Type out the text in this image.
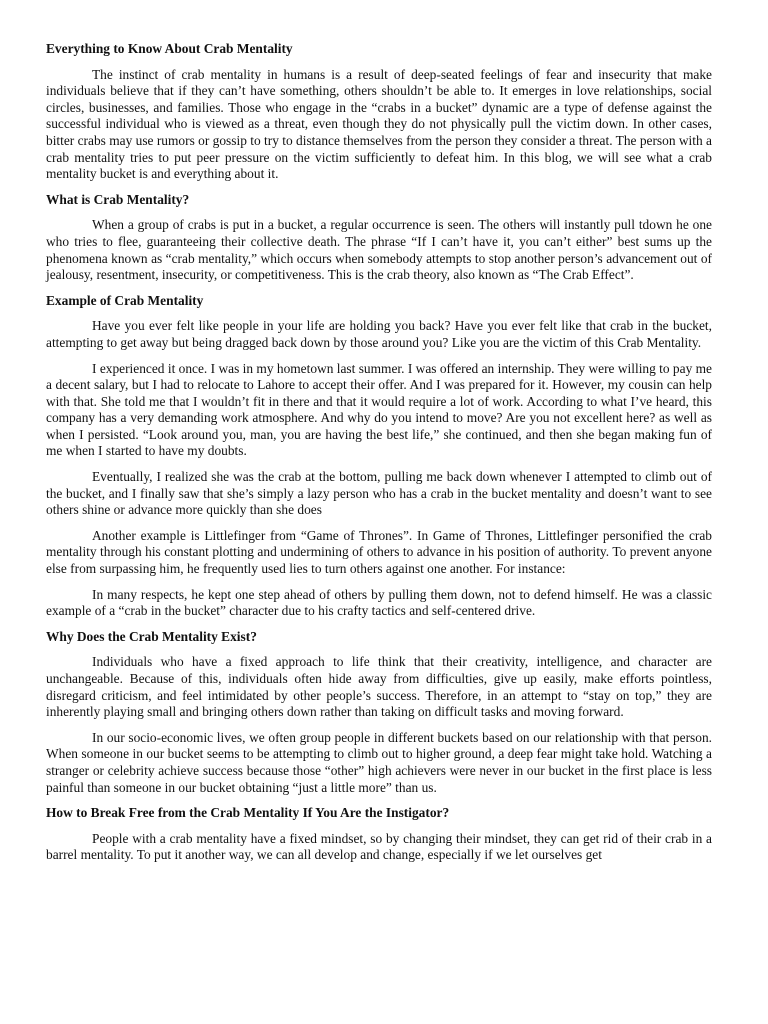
Everything to Know About Crab Mentality

The instinct of crab mentality in humans is a result of deep-seated feelings of fear and insecurity that make individuals believe that if they can’t have something, others shouldn’t be able to. It emerges in love relationships, social circles, businesses, and families. Those who engage in the “crabs in a bucket” dynamic are a type of defense against the successful individual who is viewed as a threat, even though they do not physically pull the victim down. In other cases, bitter crabs may use rumors or gossip to try to distance themselves from the person they consider a threat. The person with a crab mentality tries to put peer pressure on the victim sufficiently to defeat him. In this blog, we will see what a crab mentality bucket is and everything about it.

What is Crab Mentality?

When a group of crabs is put in a bucket, a regular occurrence is seen. The others will instantly pull tdown he one who tries to flee, guaranteeing their collective death. The phrase “If I can’t have it, you can’t either” best sums up the phenomena known as “crab mentality,” which occurs when somebody attempts to stop another person’s advancement out of jealousy, resentment, insecurity, or competitiveness. This is the crab theory, also known as “The Crab Effect”.

Example of Crab Mentality

Have you ever felt like people in your life are holding you back? Have you ever felt like that crab in the bucket, attempting to get away but being dragged back down by those around you? Like you are the victim of this Crab Mentality.

I experienced it once. I was in my hometown last summer. I was offered an internship. They were willing to pay me a decent salary, but I had to relocate to Lahore to accept their offer. And I was prepared for it. However, my cousin can help with that. She told me that I wouldn’t fit in there and that it would require a lot of work. According to what I’ve heard, this company has a very demanding work atmosphere. And why do you intend to move? Are you not excellent here? as well as when I persisted. “Look around you, man, you are having the best life,” she continued, and then she began making fun of me when I started to have my doubts.

Eventually, I realized she was the crab at the bottom, pulling me back down whenever I attempted to climb out of the bucket, and I finally saw that she’s simply a lazy person who has a crab in the bucket mentality and doesn’t want to see others shine or advance more quickly than she does

Another example is Littlefinger from “Game of Thrones”. In Game of Thrones, Littlefinger personified the crab mentality through his constant plotting and undermining of others to advance in his position of authority. To prevent anyone else from surpassing him, he frequently used lies to turn others against one another. For instance:

In many respects, he kept one step ahead of others by pulling them down, not to defend himself. He was a classic example of a “crab in the bucket” character due to his crafty tactics and self-centered drive.

Why Does the Crab Mentality Exist?

Individuals who have a fixed approach to life think that their creativity, intelligence, and character are unchangeable. Because of this, individuals often hide away from difficulties, give up easily, make efforts pointless, disregard criticism, and feel intimidated by other people’s success. Therefore, in an attempt to “stay on top,” they are inherently playing small and bringing others down rather than taking on difficult tasks and moving forward.

In our socio-economic lives, we often group people in different buckets based on our relationship with that person. When someone in our bucket seems to be attempting to climb out to higher ground, a deep fear might take hold. Watching a stranger or celebrity achieve success because those “other” high achievers were never in our bucket in the first place is less painful than someone in our bucket obtaining “just a little more” than us.

How to Break Free from the Crab Mentality If You Are the Instigator?

People with a crab mentality have a fixed mindset, so by changing their mindset, they can get rid of their crab in a barrel mentality. To put it another way, we can all develop and change, especially if we let ourselves get
